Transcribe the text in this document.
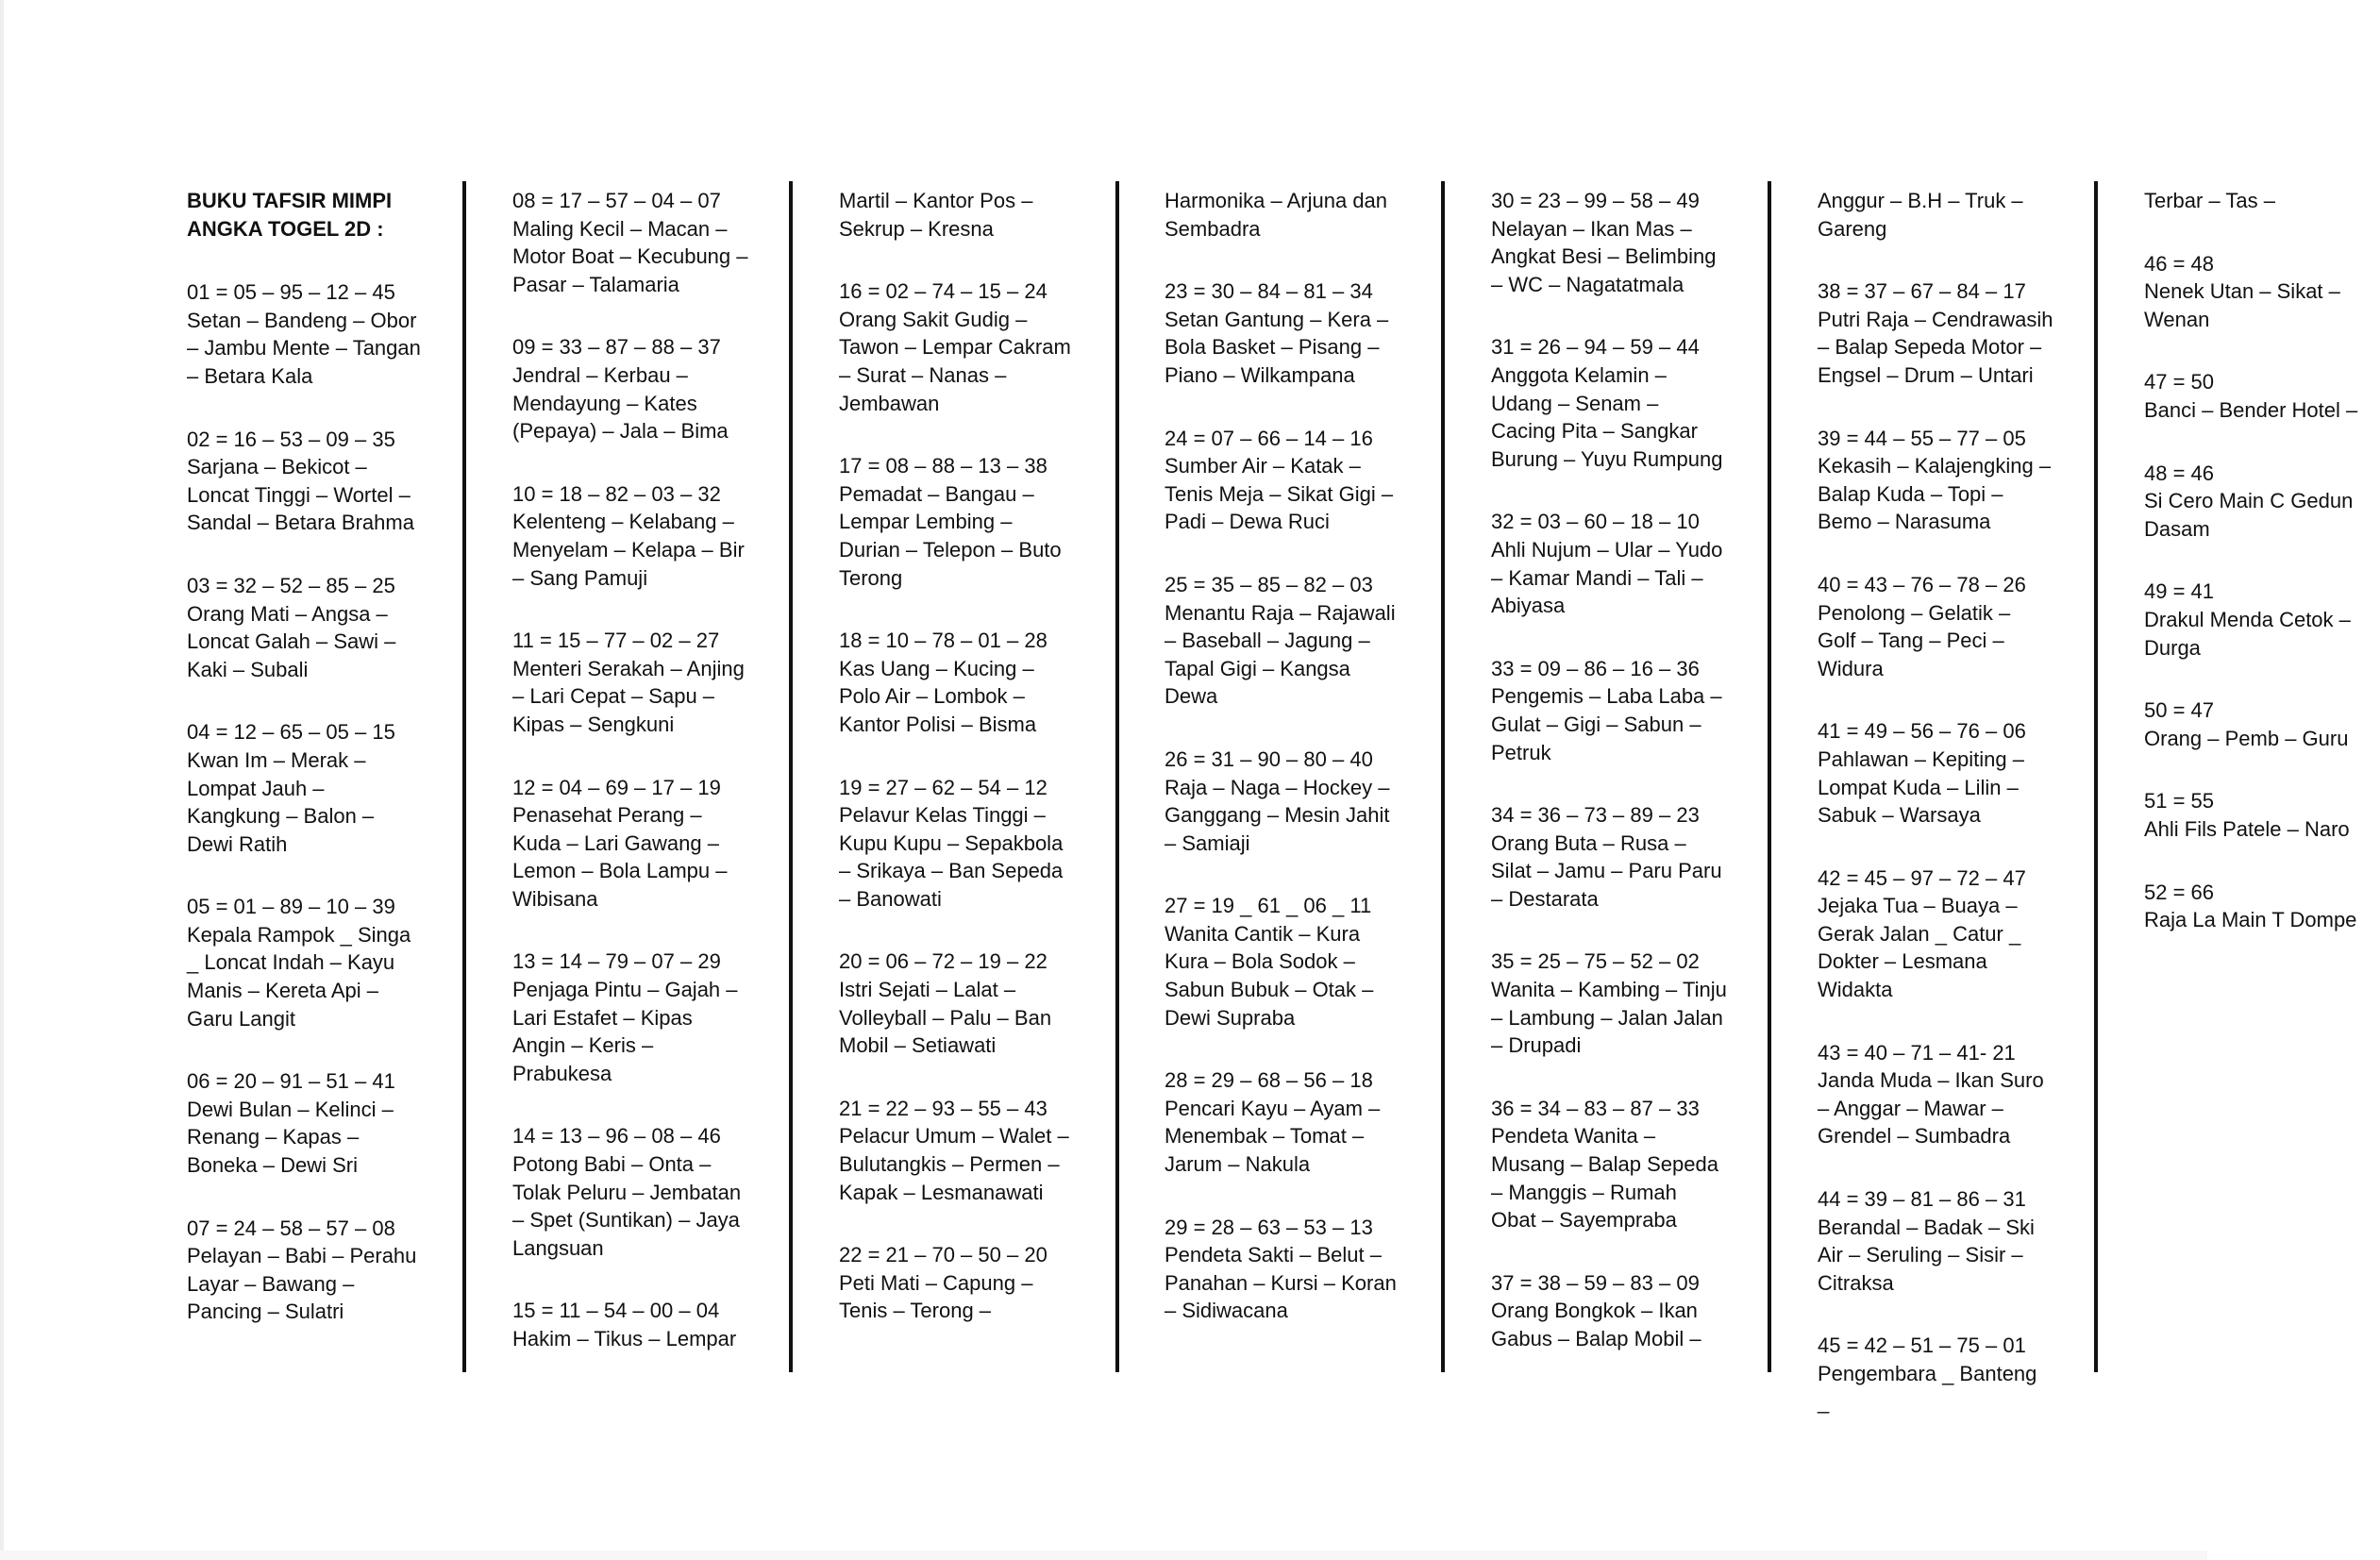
BUKU TAFSIR MIMPI
ANGKA TOGEL 2D :
01 = 05 – 95 – 12 – 45
Setan – Bandeng – Obor – Jambu Mente – Tangan – Betara Kala
02 = 16 – 53 – 09 – 35
Sarjana – Bekicot – Loncat Tinggi – Wortel – Sandal – Betara Brahma
03 = 32 – 52 – 85 – 25
Orang Mati – Angsa – Loncat Galah – Sawi – Kaki – Subali
04 = 12 – 65 – 05 – 15
Kwan Im – Merak – Lompat Jauh – Kangkung – Balon – Dewi Ratih
05 = 01 – 89 – 10 – 39
Kepala Rampok _ Singa _ Loncat Indah – Kayu Manis – Kereta Api – Garu Langit
06 = 20 – 91 – 51 – 41
Dewi Bulan – Kelinci – Renang – Kapas – Boneka – Dewi Sri
07 = 24 – 58 – 57 – 08
Pelayan – Babi – Perahu Layar – Bawang – Pancing – Sulatri
08 = 17 – 57 – 04 – 07
Maling Kecil – Macan – Motor Boat – Kecubung – Pasar – Talamaria
09 = 33 – 87 – 88 – 37
Jendral – Kerbau – Mendayung – Kates (Pepaya) – Jala – Bima
10 = 18 – 82 – 03 – 32
Kelenteng – Kelabang – Menyelam – Kelapa – Bir – Sang Pamuji
11 = 15 – 77 – 02 – 27
Menteri Serakah – Anjing – Lari Cepat – Sapu – Kipas – Sengkuni
12 = 04 – 69 – 17 – 19
Penasehat Perang – Kuda – Lari Gawang – Lemon – Bola Lampu – Wibisana
13 = 14 – 79 – 07 – 29
Penjaga Pintu – Gajah – Lari Estafet – Kipas Angin – Keris – Prabukesa
14 = 13 – 96 – 08 – 46
Potong Babi – Onta – Tolak Peluru – Jembatan – Spet (Suntikan) – Jaya Langsuan
15 = 11 – 54 – 00 – 04
Hakim – Tikus – Lempar
Martil – Kantor Pos – Sekrup – Kresna
16 = 02 – 74 – 15 – 24
Orang Sakit Gudig – Tawon – Lempar Cakram – Surat – Nanas – Jembawan
17 = 08 – 88 – 13 – 38
Pemadat – Bangau – Lempar Lembing – Durian – Telepon – Buto Terong
18 = 10 – 78 – 01 – 28
Kas Uang – Kucing – Polo Air – Lombok – Kantor Polisi – Bisma
19 = 27 – 62 – 54 – 12
Pelavur Kelas Tinggi – Kupu Kupu – Sepakbola – Srikaya – Ban Sepeda – Banowati
20 = 06 – 72 – 19 – 22
Istri Sejati – Lalat – Volleyball – Palu – Ban Mobil – Setiawati
21 = 22 – 93 – 55 – 43
Pelacur Umum – Walet – Bulutangkis – Permen – Kapak – Lesmanawati
22 = 21 – 70 – 50 – 20
Peti Mati – Capung – Tenis – Terong –
Harmonika – Arjuna dan Sembadra
23 = 30 – 84 – 81 – 34
Setan Gantung – Kera – Bola Basket – Pisang – Piano – Wilkampana
24 = 07 – 66 – 14 – 16
Sumber Air – Katak – Tenis Meja – Sikat Gigi – Padi – Dewa Ruci
25 = 35 – 85 – 82 – 03
Menantu Raja – Rajawali – Baseball – Jagung – Tapal Gigi – Kangsa Dewa
26 = 31 – 90 – 80 – 40
Raja – Naga – Hockey – Ganggang – Mesin Jahit – Samiaji
27 = 19 _ 61 _ 06 _ 11
Wanita Cantik – Kura Kura – Bola Sodok – Sabun Bubuk – Otak – Dewi Supraba
28 = 29 – 68 – 56 – 18
Pencari Kayu – Ayam – Menembak – Tomat – Jarum – Nakula
29 = 28 – 63 – 53 – 13
Pendeta Sakti – Belut – Panahan – Kursi – Koran – Sidiwacana
30 = 23 – 99 – 58 – 49
Nelayan – Ikan Mas – Angkat Besi – Belimbing – WC – Nagatatmala
31 = 26 – 94 – 59 – 44
Anggota Kelamin – Udang – Senam – Cacing Pita – Sangkar Burung – Yuyu Rumpung
32 = 03 – 60 – 18 – 10
Ahli Nujum – Ular – Yudo – Kamar Mandi – Tali – Abiyasa
33 = 09 – 86 – 16 – 36
Pengemis – Laba Laba – Gulat – Gigi – Sabun – Petruk
34 = 36 – 73 – 89 – 23
Orang Buta – Rusa – Silat – Jamu – Paru Paru – Destarata
35 = 25 – 75 – 52 – 02
Wanita – Kambing – Tinju – Lambung – Jalan Jalan – Drupadi
36 = 34 – 83 – 87 – 33
Pendeta Wanita – Musang – Balap Sepeda – Manggis – Rumah Obat – Sayempraba
37 = 38 – 59 – 83 – 09
Orang Bongkok – Ikan Gabus – Balap Mobil –
Anggur – B.H – Truk – Gareng
38 = 37 – 67 – 84 – 17
Putri Raja – Cendrawasih – Balap Sepeda Motor – Engsel – Drum – Untari
39 = 44 – 55 – 77 – 05
Kekasih – Kalajengking – Balap Kuda – Topi – Bemo – Narasuma
40 = 43 – 76 – 78 – 26
Penolong – Gelatik – Golf – Tang – Peci – Widura
41 = 49 – 56 – 76 – 06
Pahlawan – Kepiting – Lompat Kuda – Lilin – Sabuk – Warsaya
42 = 45 – 97 – 72 – 47
Jejaka Tua – Buaya – Gerak Jalan _ Catur _ Dokter – Lesmana Widakta
43 = 40 – 71 – 41- 21
Janda Muda – Ikan Suro – Anggar – Mawar – Grendel – Sumbadra
44 = 39 – 81 – 86 – 31
Berandal – Badak – Ski Air – Seruling – Sisir – Citraksa
45 = 42 – 51 – 75 – 01
Pengembara _ Banteng _
Terbar – Tas –
46 = 48
Nenek Utan – Sikat – Wenan
47 = 50
Banci – Bender Hotel –
48 = 46
Si Cero Main C Gedun Dasam
49 = 41
Drakul Menda Cetok – Durga
50 = 47
Orang – Pemb – Guru
51 = 55
Ahli Fils Patele – Naro
52 = 66
Raja La Main T Dompe
